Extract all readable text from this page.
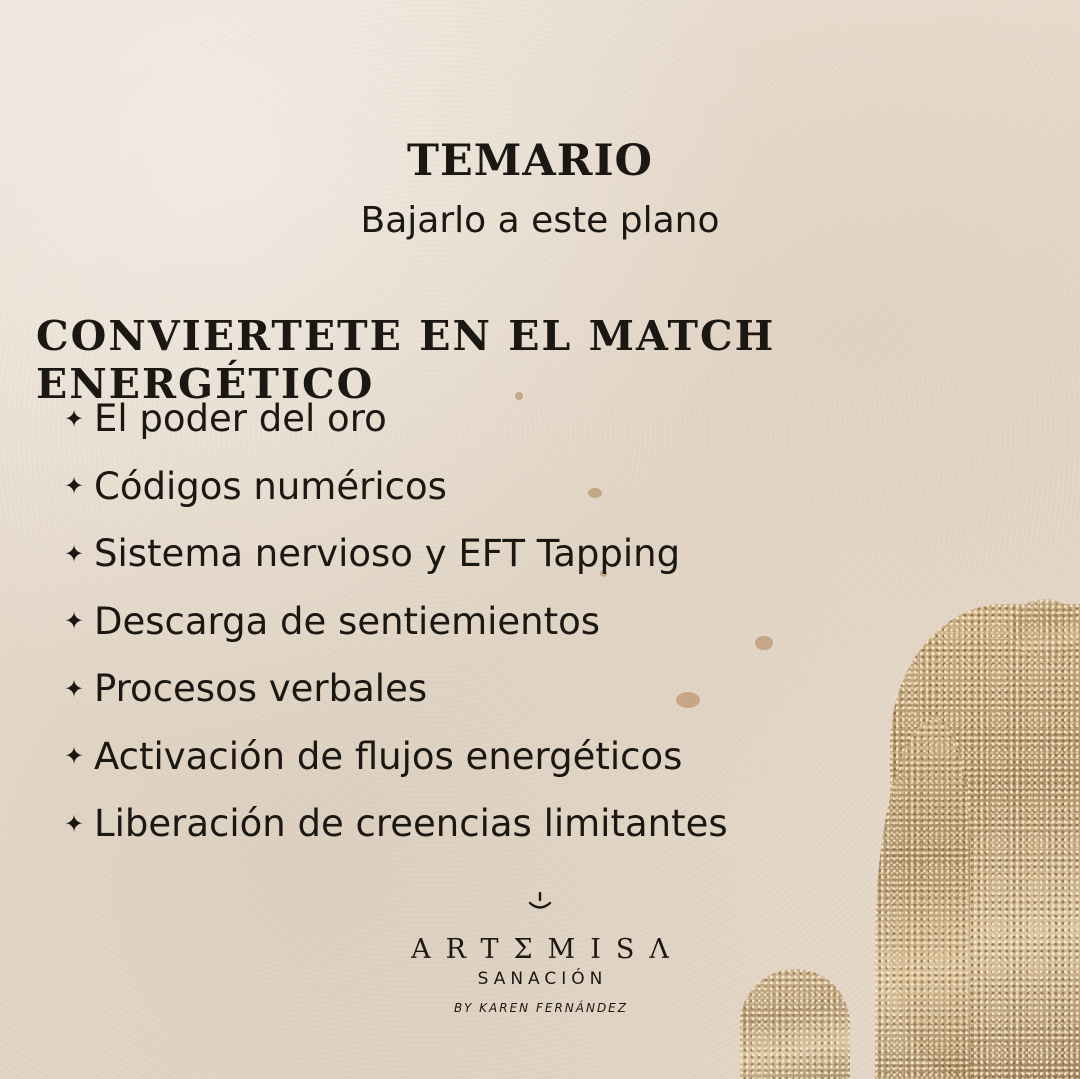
TEMARIO
Bajarlo a este plano
CONVIERTETE EN EL MATCH ENERGÉTICO
✦ El poder del oro
✦ Códigos numéricos
✦ Sistema nervioso y EFT Tapping
✦ Descarga de sentiemientos
✦ Procesos verbales
✦ Activación de flujos energéticos
✦ Liberación de creencias limitantes
ARTΣMISΛ
SANACIÓN
BY KAREN FERNÁNDEZ
